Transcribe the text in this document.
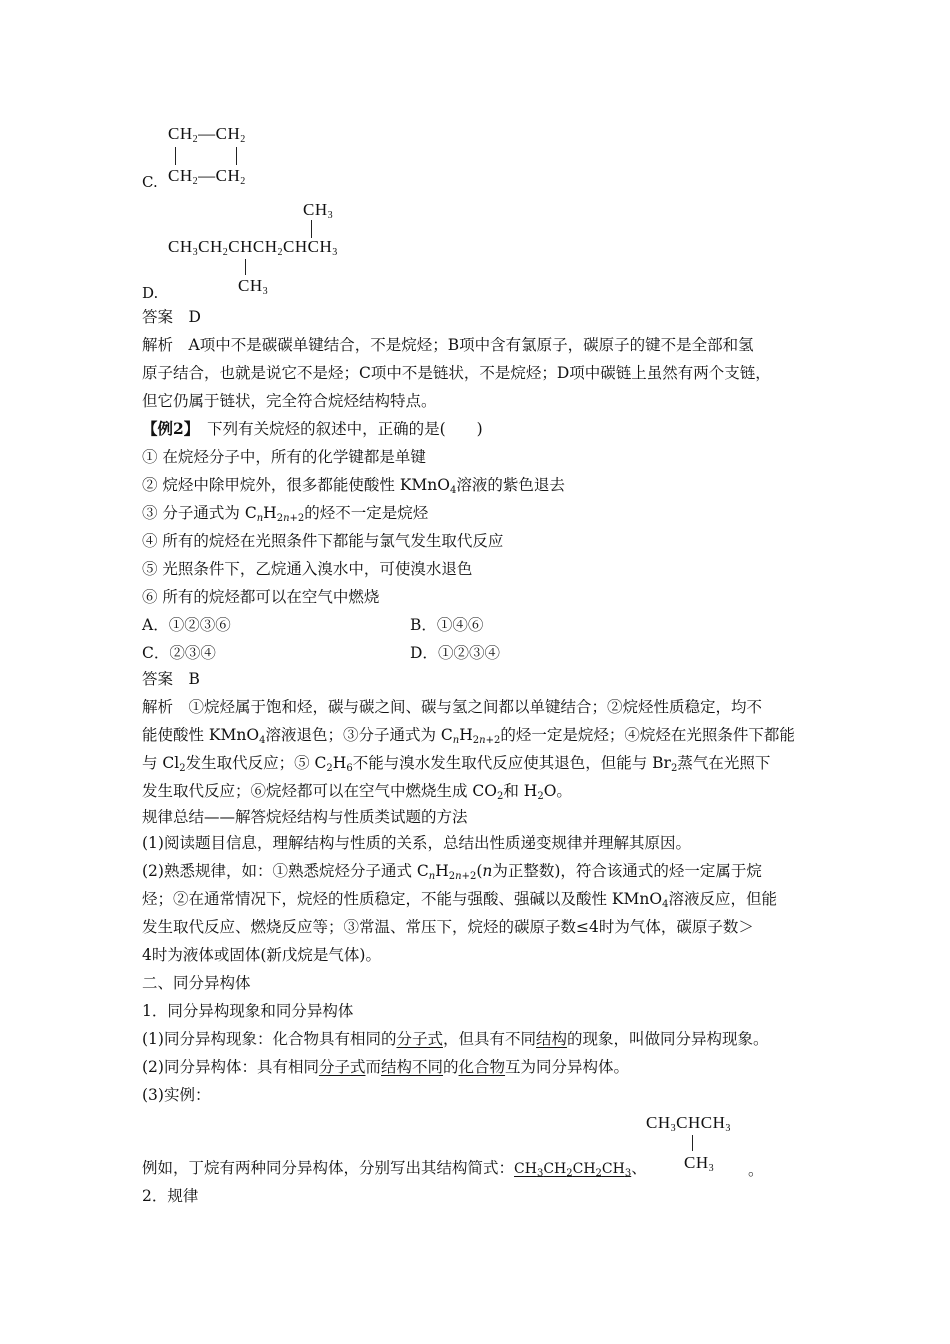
$CH_2—CH_2$
C. $CH_2—CH_2$
$CH_3$
$CH_3CH_2CHCH_2CHCH_3$
D.	$CH_3$
答案　 D
解析　 A项中不是碳碳单键结合，不是烷烃；B项中含有氯原子，碳原子的键不是全部和氢
原子结合，也就是说它不是烃；C项中不是链状，不是烷烃；D项中碳链上虽然有两个支链，
但它仍属于链状，完全符合烷烃结构特点。
【例2】　 下列有关烷烃的叙述中，正确的是(　　)
① 在烷烃分子中，所有的化学键都是单键
② 烷烃中除甲烷外，很多都能使酸性 KMnO$_4$溶液的紫色退去
③ 分子通式为 $C_nH_{2n+2}$的烃不一定是烷烃
④ 所有的烷烃在光照条件下都能与氯气发生取代反应
⑤ 光照条件下，乙烷通入溴水中，可使溴水退色
⑥ 所有的烷烃都可以在空气中燃烧
A．①②③⑥	B．①④⑥
C．②③④	D．①②③④
答案　 B
解析　 ①烷烃属于饱和烃，碳与碳之间、碳与氢之间都以单键结合；②烷烃性质稳定，均不
能使酸性 KMnO$_4$溶液退色；③分子通式为 $C_nH_{2n+2}$的烃一定是烷烃；④烷烃在光照条件下都能
与 $Cl_2$发生取代反应；⑤ $C_2H_6$不能与溴水发生取代反应使其退色，但能与 $Br_2$蒸气在光照下
发生取代反应；⑥烷烃都可以在空气中燃烧生成 $CO_2$和 $H_2O$。
规律总结——解答烷烃结构与性质类试题的方法
(1)阅读题目信息，理解结构与性质的关系，总结出性质递变规律并理解其原因。
(2)熟悉规律，如：①熟悉烷烃分子通式 $C_nH_{2n+2}(n$为正整数)，符合该通式的烃一定属于烷
烃；②在通常情况下，烷烃的性质稳定，不能与强酸、强碱以及酸性 KMnO$_4$溶液反应，但能
发生取代反应、燃烧反应等；③常温、常压下，烷烃的碳原子数≤4时为气体，碳原子数＞
4时为液体或固体(新戊烷是气体)。
二、同分异构体
1．同分异构现象和同分异构体
(1)同分异构现象：化合物具有相同的分子式，但具有不同结构的现象，叫做同分异构现象。
(2)同分异构体：具有相同分子式而结构不同的化合物互为同分异构体。
(3)实例：
$CH_3CHCH_3$
$CH_3$
例如，丁烷有两种同分异构体，分别写出其结构简式：$CH_3CH_2CH_2CH_3$、	。
2．规律
